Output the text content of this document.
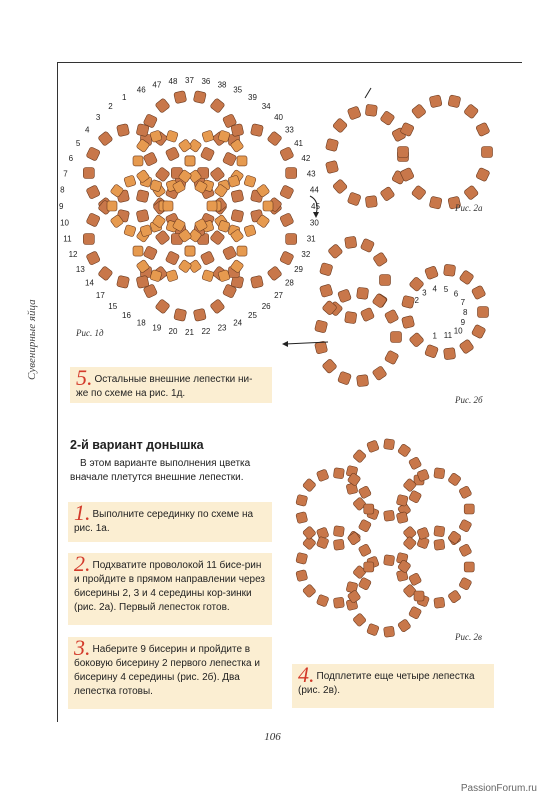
Сувенирные яйца
37 36 38
35
39
34
40
33
41
42
43
44
45
30
31
32
29
28
27
26
25
24
23
22
21
20
19
18
16
15
17
14
13
12
11
10
9
8
7
6
5
4
3
2
1
46
47 48
Рис. 1д
Рис. 2а
2
3 4 5
6
7
8
9
10
11
1
Рис. 2б
Рис. 2в
5. Остальные внешние лепестки ни-
же по схеме на рис. 1д.
2-й вариант донышка
В этом варианте выполнения цветка вначале плетутся внешние лепестки.
1. Выполните серединку по схеме на рис. 1а.
2. Подхватите проволокой 11 бисе-рин и пройдите в прямом направлении через бисерины 2, 3 и 4 середины кор-зинки (рис. 2а). Первый лепесток готов.
3. Наберите 9 бисерин и пройдите в боковую бисерину 2 первого лепестка и бисерину 4 середины (рис. 2б). Два лепестка готовы.
4. Подплетите еще четыре лепестка (рис. 2в).
106
PassionForum.ru
